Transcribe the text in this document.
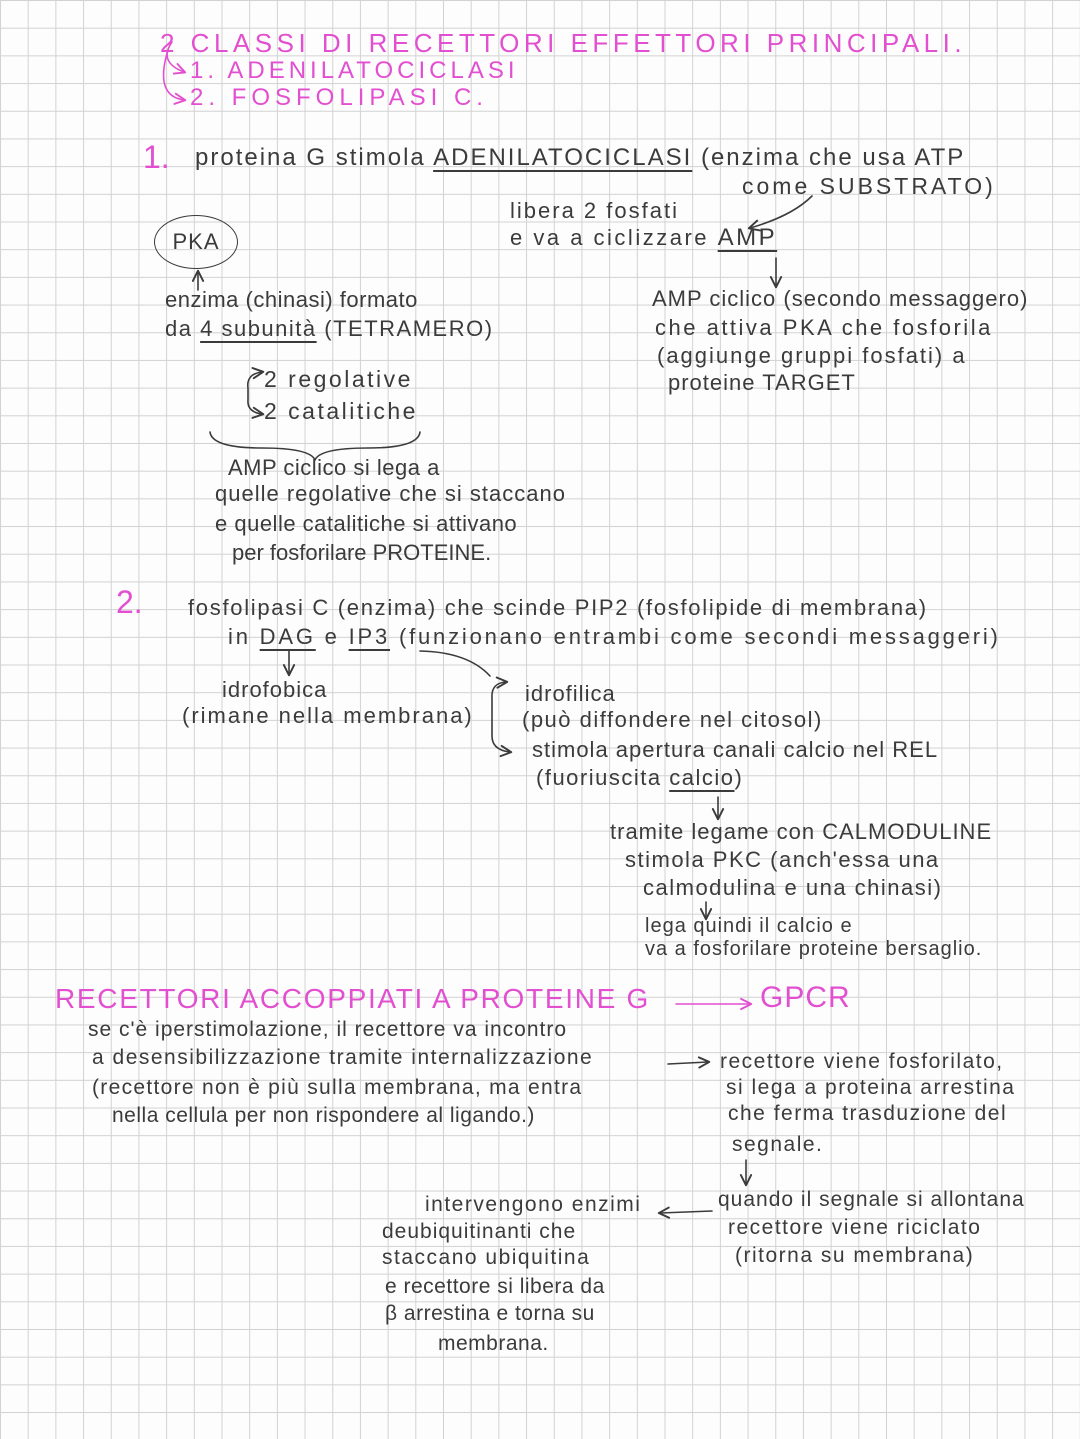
2 CLASSI DI RECETTORI EFFETTORI PRINCIPALI.
1. ADENILATOCICLASI
2. FOSFOLIPASI C.
1. proteina G stimola ADENILATOCICLASI (enzima che usa ATP
come SUBSTRATO)
libera 2 fosfati
e va a ciclizzare AMP
PKA
enzima (chinasi) formato
da 4 subunità (TETRAMERO)
2 regolative
2 catalitiche
AMP ciclico si lega a
quelle regolative che si staccano
e quelle catalitiche si attivano
per fosforilare PROTEINE.
AMP ciclico (secondo messaggero)
che attiva PKA che fosforila
(aggiunge gruppi fosfati) a
proteine TARGET
2. fosfolipasi C (enzima) che scinde PIP2 (fosfolipide di membrana)
in DAG e IP3 (funzionano entrambi come secondi messaggeri)
idrofobica
(rimane nella membrana)
idrofilica
(può diffondere nel citosol)
stimola apertura canali calcio nel REL
(fuoriuscita calcio)
tramite legame con CALMODULINE
stimola PKC (anch'essa una
calmodulina e una chinasi)
lega quindi il calcio e
va a fosforilare proteine bersaglio.
RECETTORI ACCOPPIATI A PROTEINE G	GPCR
se c'è iperstimolazione, il recettore va incontro
a desensibilizzazione tramite internalizzazione
(recettore non è più sulla membrana, ma entra
nella cellula per non rispondere al ligando.)
recettore viene fosforilato,
si lega a proteina arrestina
che ferma trasduzione del
segnale.
quando il segnale si allontana
recettore viene riciclato
(ritorna su membrana)
intervengono enzimi
deubiquitinanti che
staccano ubiquitina
e recettore si libera da
β arrestina e torna su
membrana.
